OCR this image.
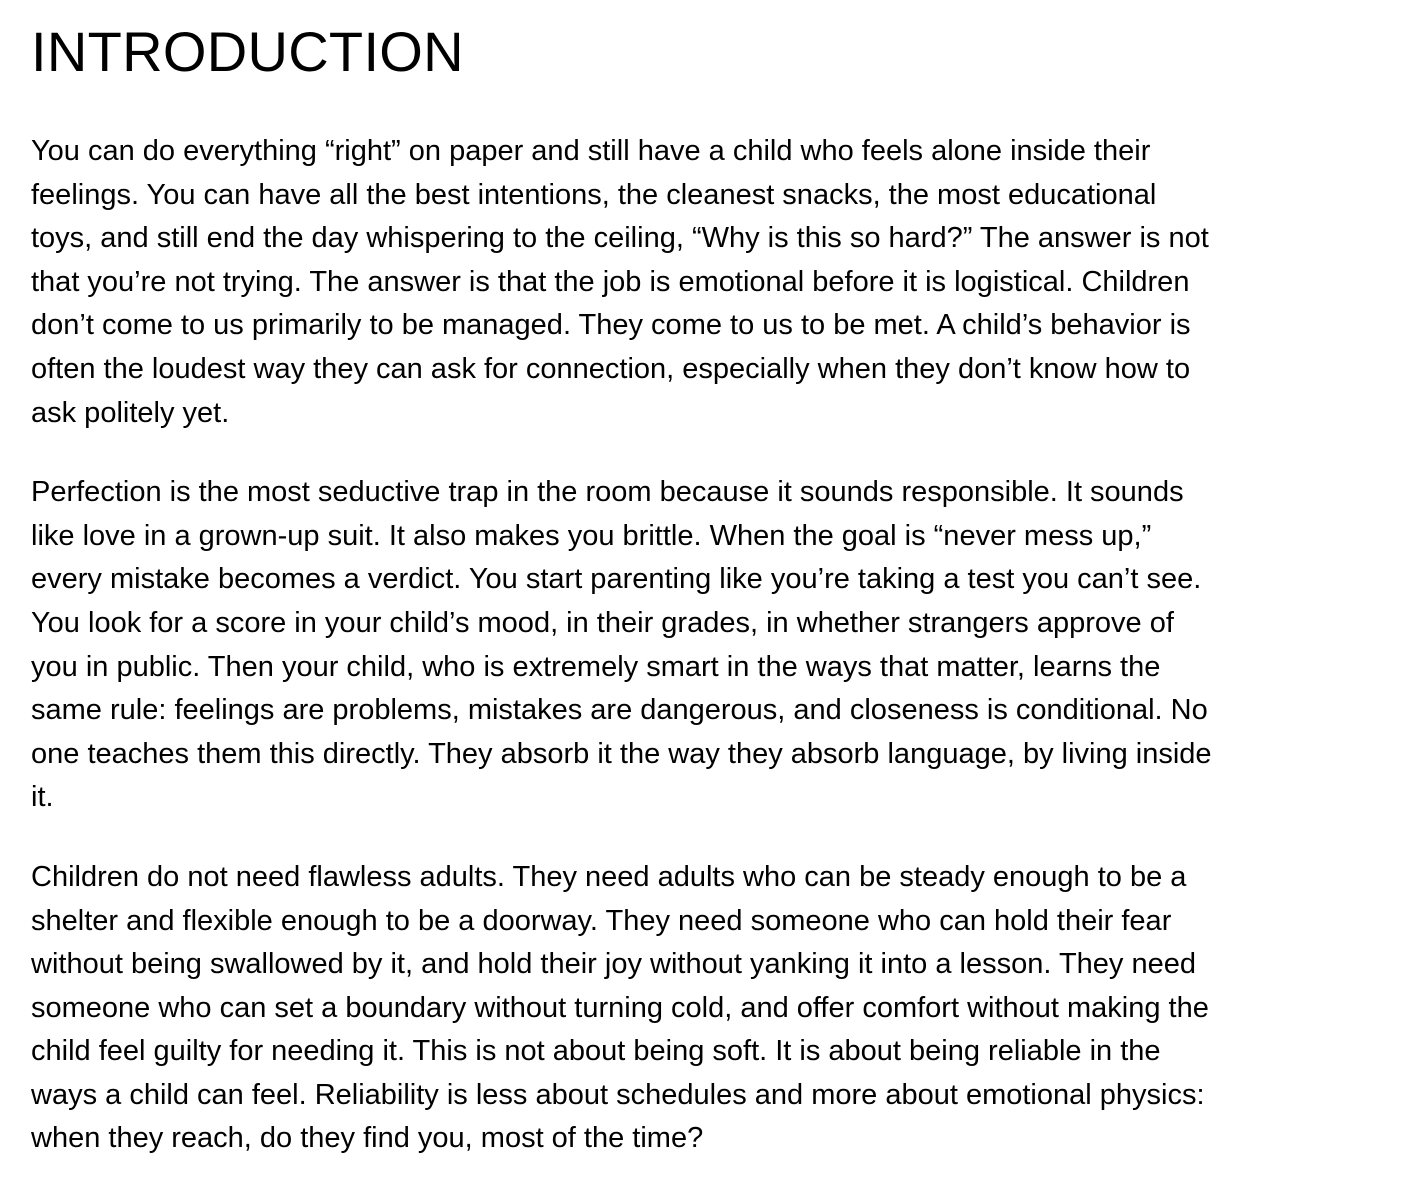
INTRODUCTION

You can do everything “right” on paper and still have a child who feels alone inside their
feelings. You can have all the best intentions, the cleanest snacks, the most educational
toys, and still end the day whispering to the ceiling, “Why is this so hard?” The answer is not
that you’re not trying. The answer is that the job is emotional before it is logistical. Children
don’t come to us primarily to be managed. They come to us to be met. A child’s behavior is
often the loudest way they can ask for connection, especially when they don’t know how to
ask politely yet.

Perfection is the most seductive trap in the room because it sounds responsible. It sounds
like love in a grown-up suit. It also makes you brittle. When the goal is “never mess up,”
every mistake becomes a verdict. You start parenting like you’re taking a test you can’t see.
You look for a score in your child’s mood, in their grades, in whether strangers approve of
you in public. Then your child, who is extremely smart in the ways that matter, learns the
same rule: feelings are problems, mistakes are dangerous, and closeness is conditional. No
one teaches them this directly. They absorb it the way they absorb language, by living inside
it.

Children do not need flawless adults. They need adults who can be steady enough to be a
shelter and flexible enough to be a doorway. They need someone who can hold their fear
without being swallowed by it, and hold their joy without yanking it into a lesson. They need
someone who can set a boundary without turning cold, and offer comfort without making the
child feel guilty for needing it. This is not about being soft. It is about being reliable in the
ways a child can feel. Reliability is less about schedules and more about emotional physics:
when they reach, do they find you, most of the time?
